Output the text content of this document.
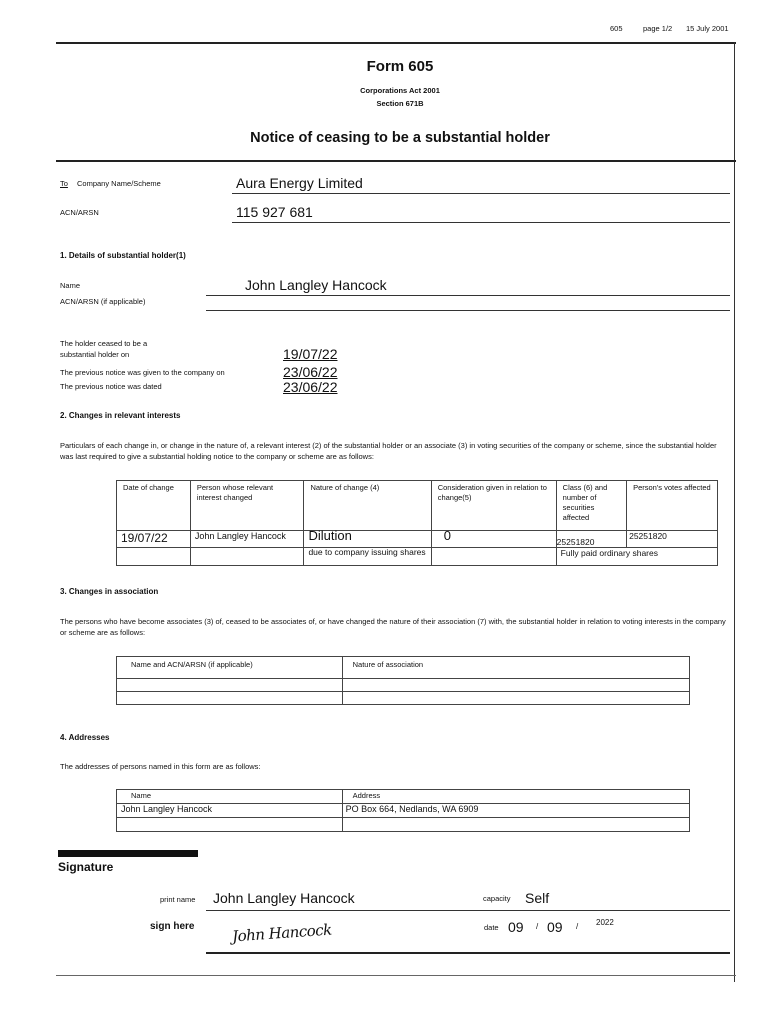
605	page 1/2 15 July 2001
Form 605
Corporations Act 2001
Section 671B
Notice of ceasing to be a substantial holder
To Company Name/Scheme	Aura Energy Limited
ACN/ARSN	115 927 681
1. Details of substantial holder(1)
Name	John Langley Hancock
ACN/ARSN (if applicable)
The holder ceased to be a substantial holder on	19/07/22
The previous notice was given to the company on	23/06/22
The previous notice was dated	23/06/22
2. Changes in relevant interests
Particulars of each change in, or change in the nature of, a relevant interest (2) of the substantial holder or an associate (3) in voting securities of the company or scheme, since the substantial holder was last required to give a substantial holding notice to the company or scheme are as follows:
Date of change	Person whose relevant interest changed	Nature of change (4)	Consideration given in relation to change(5)	Class (6) and number of securities affected	Person's votes affected
19/07/22	John Langley Hancock	Dilution	0	25251820	25251820
		due to company issuing shares		Fully paid ordinary shares	
3. Changes in association
The persons who have become associates (3) of, ceased to be associates of, or have changed the nature of their association (7) with, the substantial holder in relation to voting interests in the company or scheme are as follows:
Name and ACN/ARSN (if applicable)	Nature of association

4. Addresses
The addresses of persons named in this form are as follows:
Name	Address
John Langley Hancock	PO Box 664, Nedlands, WA 6909

Signature
print name John Langley Hancock	capacity Self
sign here John Hancock	date 09 / 09 / 2022
